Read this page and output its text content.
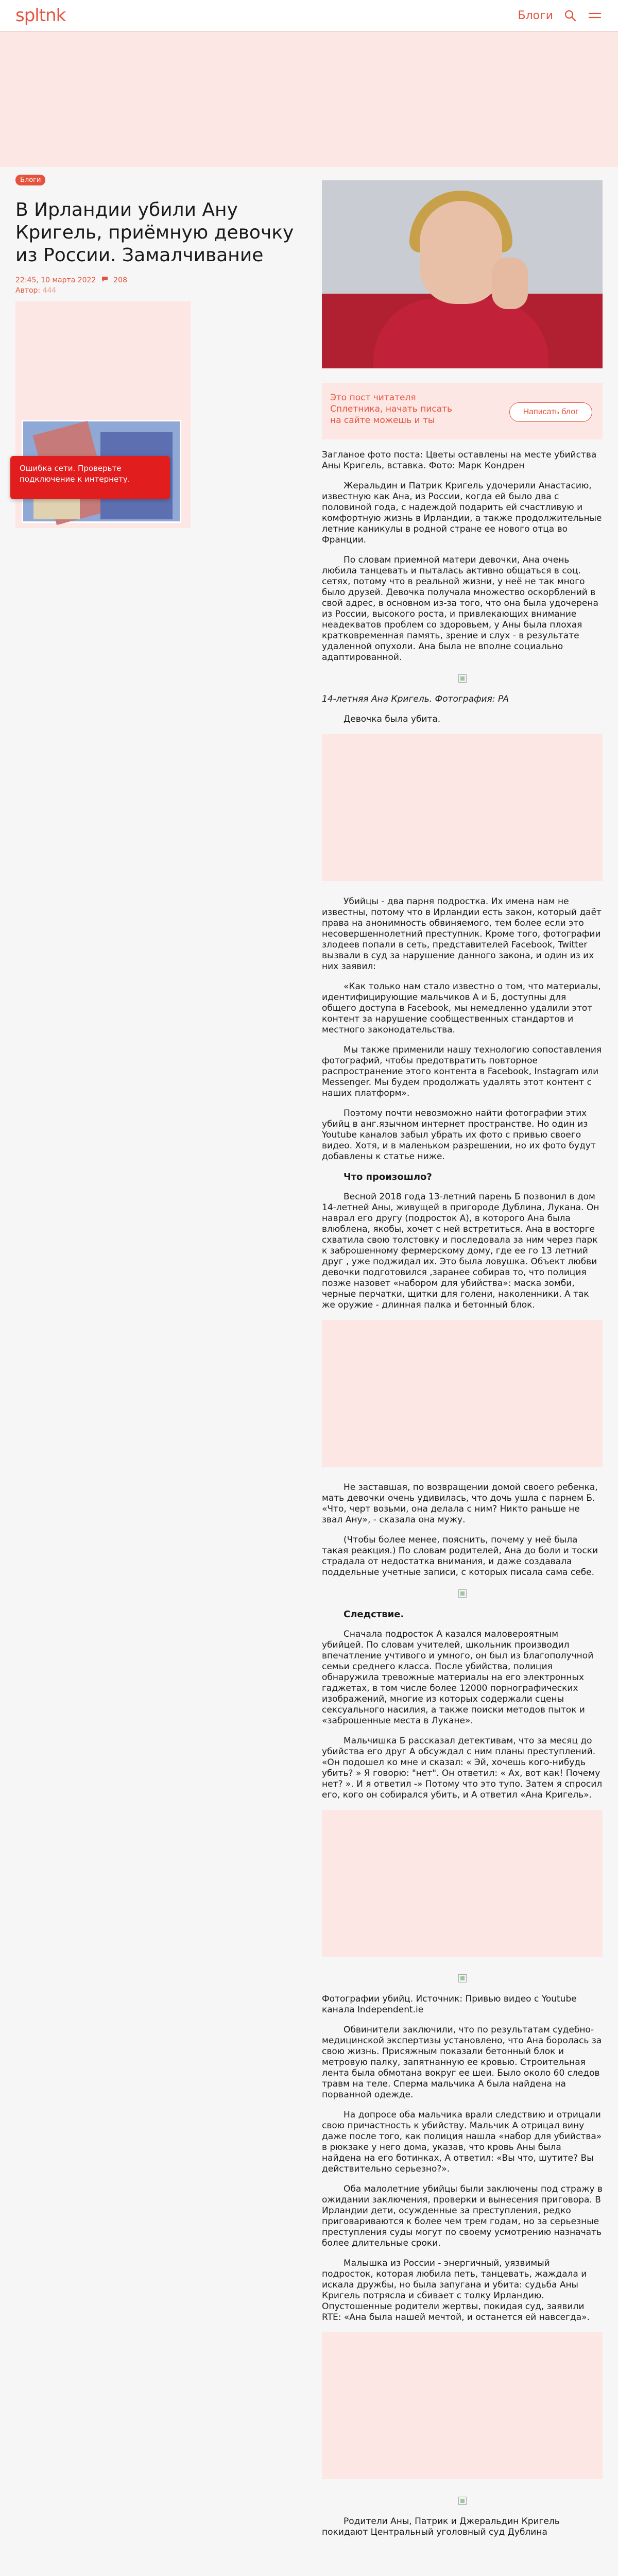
spltnk	Блоги
Блоги
В Ирландии убили Ану Кригель, приёмную девочку из России. Замалчивание
22:45, 10 марта 2022 208
Автор: 444
Ошибка сети. Проверьте подключение к интернету.
Это пост читателя Сплетника, начать писать на сайте можешь и ты
Написать блог

Загланое фото поста: Цветы оставлены на месте убийства Аны Кригель, вставка. Фото: Марк Кондрен

Жеральдин и Патрик Кригель удочерили Анастасию, известную как Ана, из России, когда ей было два с половиной года, с надеждой подарить ей счастливую и комфортную жизнь в Ирландии, а также продолжительные летние каникулы в родной стране ее нового отца во Франции.

По словам приемной матери девочки, Ана очень любила танцевать и пыталась активно общаться в соц. сетях, потому что в реальной жизни, у неё не так много было друзей. Девочка получала множество оскорблений в свой адрес, в основном из-за того, что она была удочерена из России, высокого роста, и привлекающих внимание неадекватов проблем со здоровьем, у Аны была плохая кратковременная память, зрение и слух - в результате удаленной опухоли. Ана была не вполне социально адаптированной.

14-летняя Ана Кригель. Фотография: PA

Девочка была убита.

Убийцы - два парня подростка. Их имена нам не известны, потому что в Ирландии есть закон, который даёт права на анонимность обвиняемого, тем более если это несовершеннолетний преступник. Кроме того, фотографии злодеев попали в сеть, представителей Facebook, Twitter вызвали в суд за нарушение данного закона, и один из их них заявил:

«Как только нам стало известно о том, что материалы, идентифицирующие мальчиков А и Б, доступны для общего доступа в Facebook, мы немедленно удалили этот контент за нарушение сообщественных стандартов и местного законодательства.

Мы также применили нашу технологию сопоставления фотографий, чтобы предотвратить повторное распространение этого контента в Facebook, Instagram или Messenger. Мы будем продолжать удалять этот контент с наших платформ».

Поэтому почти невозможно найти фотографии этих убийц в анг.язычном интернет пространстве. Но один из Youtube каналов забыл убрать их фото с привью своего видео. Хотя, и в маленьком разрешении, но их фото будут добавлены к статье ниже.

Что произошло?

Весной 2018 года 13-летний парень Б позвонил в дом 14-летней Аны, живущей в пригороде Дублина, Лукана. Он наврал его другу (подросток А), в которого Ана была влюблена, якобы, хочет с ней встретиться. Ана в восторге схватила свою толстовку и последовала за ним через парк к заброшенному фермерскому дому, где ее го 13 летний друг , уже поджидал их. Это была ловушка. Объект любви девочки подготовился ,заранее собирав то, что полиция позже назовет «набором для убийства»: маска зомби, черные перчатки, щитки для голени, наколенники. А так же оружие - длинная палка и бетонный блок.

Не заставшая, по возвращении домой своего ребенка, мать девочки очень удивилась, что дочь ушла с парнем Б. «Что, черт возьми, она делала с ним? Никто раньше не звал Ану», - сказала она мужу.

(Чтобы более менее, пояснить, почему у неё была такая реакция.) По словам родителей, Ана до боли и тоски страдала от недостатка внимания, и даже создавала поддельные учетные записи, с которых писала сама себе.

Следствие.

Сначала подросток А казался маловероятным убийцей. По словам учителей, школьник производил впечатление учтивого и умного, он был из благополучной семьи среднего класса. После убийства, полиция обнаружила тревожные материалы на его электронных гаджетах, в том числе более 12000 порнографических изображений, многие из которых содержали сцены сексуального насилия, а также поиски методов пыток и «заброшенные места в Лукане».

Мальчишка Б рассказал детективам, что за месяц до убийства его друг А обсуждал с ним планы преступлений. «Он подошел ко мне и сказал: « Эй, хочешь кого-нибудь убить? » Я говорю: "нет". Он ответил: « Ах, вот как! Почему нет? ». И я ответил -» Потому что это тупо. Затем я спросил его, кого он собирался убить, и А ответил «Ана Кригель».

Фотографии убийц. Источник: Привью видео с Youtube канала Independent.ie

Обвинители заключили, что по результатам судебно-медицинской экспертизы установлено, что Ана боролась за свою жизнь. Присяжным показали бетонный блок и метровую палку, запятнанную ее кровью. Строительная лента была обмотана вокруг ее шеи. Было около 60 следов травм на теле. Сперма мальчика А была найдена на порванной одежде.

На допросе оба мальчика врали следствию и отрицали свою причастность к убийству. Мальчик А отрицал вину даже после того, как полиция нашла «набор для убийства» в рюкзаке у него дома, указав, что кровь Аны была найдена на его ботинках, А ответил: «Вы что, шутите? Вы действительно серьезно?».

Оба малолетние убийцы были заключены под стражу в ожидании заключения, проверки и вынесения приговора. В Ирландии дети, осужденные за преступления, редко приговариваются к более чем трем годам, но за серьезные преступления суды могут по своему усмотрению назначать более длительные сроки.

Малышка из России - энергичный, уязвимый подросток, которая любила петь, танцевать, жаждала и искала дружбы, но была запугана и убита: судьба Аны Кригель потрясла и сбивает с толку Ирландию. Опустошенные родители жертвы, покидая суд, заявили RTE: «Ана была нашей мечтой, и останется ей навсегда».

Родители Аны, Патрик и Джеральдин Кригель покидают Центральный уголовный суд Дублина
